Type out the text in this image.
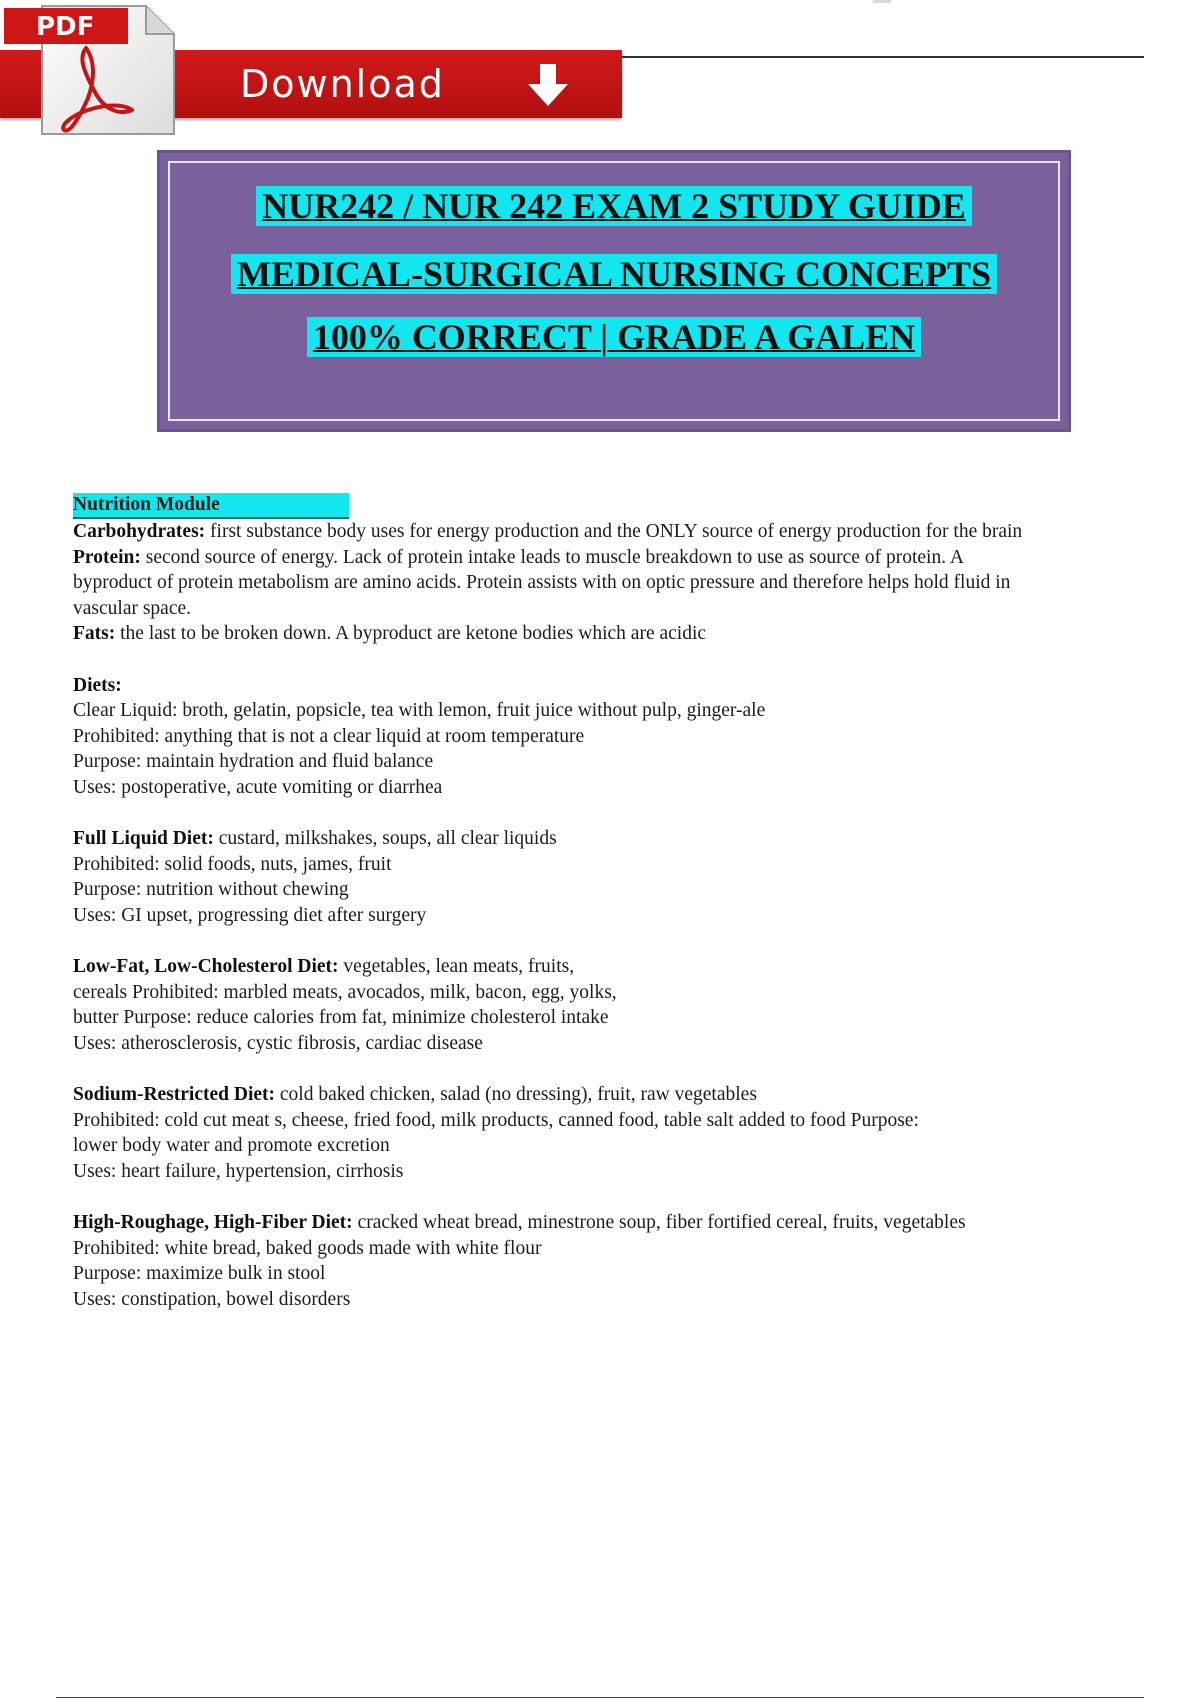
Download
PDF
NUR242 / NUR 242 EXAM 2 STUDY GUIDE
MEDICAL-SURGICAL NURSING CONCEPTS
100% CORRECT | GRADE A GALEN
Nutrition Module

Carbohydrates: first substance body uses for energy production and the ONLY source of energy production for the brain

Protein: second source of energy. Lack of protein intake leads to muscle breakdown to use as source of protein. A

byproduct of protein metabolism are amino acids. Protein assists with on optic pressure and therefore helps hold fluid in

vascular space.

Fats: the last to be broken down. A byproduct are ketone bodies which are acidic

Diets:

Clear Liquid: broth, gelatin, popsicle, tea with lemon, fruit juice without pulp, ginger-ale

Prohibited: anything that is not a clear liquid at room temperature

Purpose: maintain hydration and fluid balance

Uses: postoperative, acute vomiting or diarrhea

Full Liquid Diet: custard, milkshakes, soups, all clear liquids

Prohibited: solid foods, nuts, james, fruit

Purpose: nutrition without chewing

Uses: GI upset, progressing diet after surgery

Low-Fat, Low-Cholesterol Diet: vegetables, lean meats, fruits,

cereals Prohibited: marbled meats, avocados, milk, bacon, egg, yolks,

butter Purpose: reduce calories from fat, minimize cholesterol intake

Uses: atherosclerosis, cystic fibrosis, cardiac disease

Sodium-Restricted Diet: cold baked chicken, salad (no dressing), fruit, raw vegetables

Prohibited: cold cut meat s, cheese, fried food, milk products, canned food, table salt added to food Purpose:

lower body water and promote excretion

Uses: heart failure, hypertension, cirrhosis

High-Roughage, High-Fiber Diet: cracked wheat bread, minestrone soup, fiber fortified cereal, fruits, vegetables

Prohibited: white bread, baked goods made with white flour

Purpose: maximize bulk in stool

Uses: constipation, bowel disorders
